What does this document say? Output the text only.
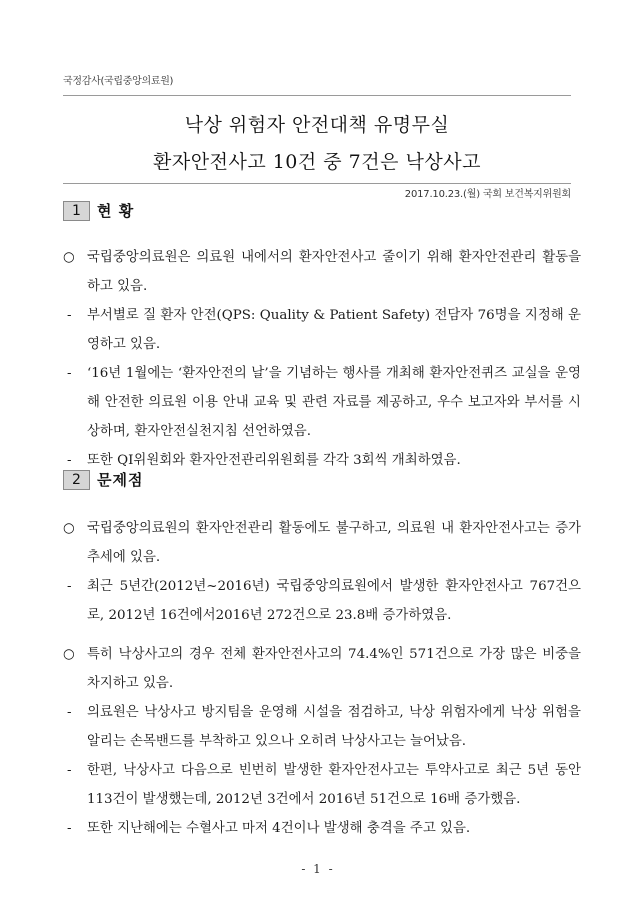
국정감사(국립중앙의료원)
낙상 위험자 안전대책 유명무실
환자안전사고 10건 중 7건은 낙상사고
2017.10.23.(월) 국회 보건복지위원회
1	현 황
○ 국립중앙의료원은 의료원 내에서의 환자안전사고 줄이기 위해 환자안전관리 활동을 하고 있음.
-	부서별로 질 환자 안전(QPS: Quality & Patient Safety) 전담자 76명을 지정해 운영하고 있음.
-	‘16년 1월에는 ‘환자안전의 날’을 기념하는 행사를 개최해 환자안전퀴즈 교실을 운영해 안전한 의료원 이용 안내 교육 및 관련 자료를 제공하고, 우수 보고자와 부서를 시상하며, 환자안전실천지침 선언하였음.
-	또한 QI위원회와 환자안전관리위원회를 각각 3회씩 개최하였음.
2	문제점
○ 국립중앙의료원의 환자안전관리 활동에도 불구하고, 의료원 내 환자안전사고는 증가 추세에 있음.
-	최근 5년간(2012년~2016년) 국립중앙의료원에서 발생한 환자안전사고 767건으로, 2012년 16건에서2016년 272건으로 23.8배 증가하였음.
○ 특히 낙상사고의 경우 전체 환자안전사고의 74.4%인 571건으로 가장 많은 비중을 차지하고 있음.
-	의료원은 낙상사고 방지팀을 운영해 시설을 점검하고, 낙상 위험자에게 낙상 위험을 알리는 손목밴드를 부착하고 있으나 오히려 낙상사고는 늘어났음.
-	한편, 낙상사고 다음으로 빈번히 발생한 환자안전사고는 투약사고로 최근 5년 동안 113건이 발생했는데, 2012년 3건에서 2016년 51건으로 16배 증가했음.
-	또한 지난해에는 수혈사고 마저 4건이나 발생해 충격을 주고 있음.
- 1 -
